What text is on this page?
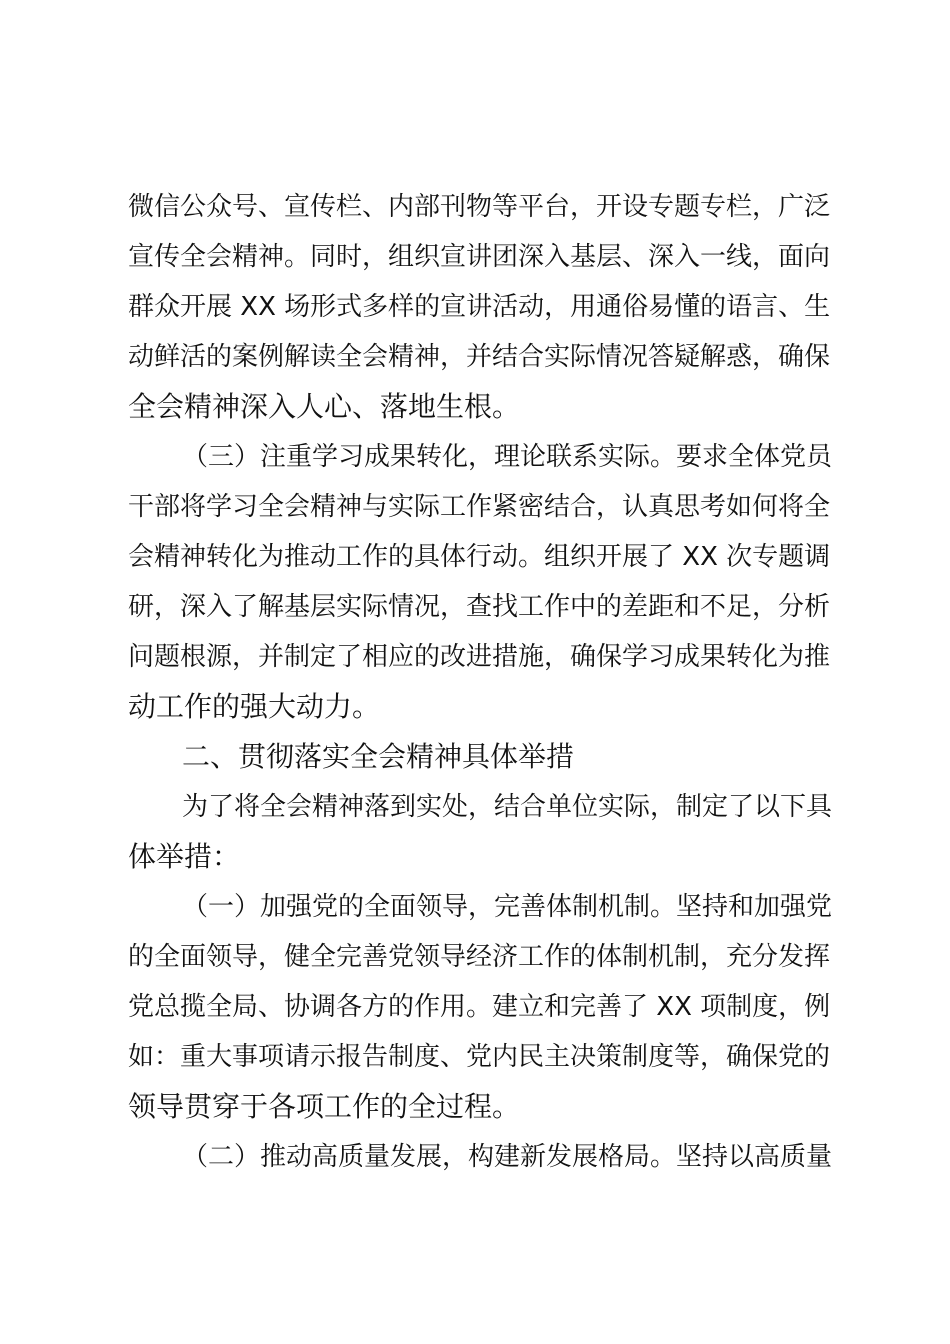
微信公众号、宣传栏、内部刊物等平台，开设专题专栏，广泛
宣传全会精神。同时，组织宣讲团深入基层、深入一线，面向
群众开展 XX 场形式多样的宣讲活动，用通俗易懂的语言、生
动鲜活的案例解读全会精神，并结合实际情况答疑解惑，确保
全会精神深入人心、落地生根。
（三）注重学习成果转化，理论联系实际。要求全体党员
干部将学习全会精神与实际工作紧密结合，认真思考如何将全
会精神转化为推动工作的具体行动。组织开展了 XX 次专题调
研，深入了解基层实际情况，查找工作中的差距和不足，分析
问题根源，并制定了相应的改进措施，确保学习成果转化为推
动工作的强大动力。
二、贯彻落实全会精神具体举措
为了将全会精神落到实处，结合单位实际，制定了以下具
体举措：
（一）加强党的全面领导，完善体制机制。坚持和加强党
的全面领导，健全完善党领导经济工作的体制机制，充分发挥
党总揽全局、协调各方的作用。建立和完善了 XX 项制度，例
如：重大事项请示报告制度、党内民主决策制度等，确保党的
领导贯穿于各项工作的全过程。
（二）推动高质量发展，构建新发展格局。坚持以高质量
